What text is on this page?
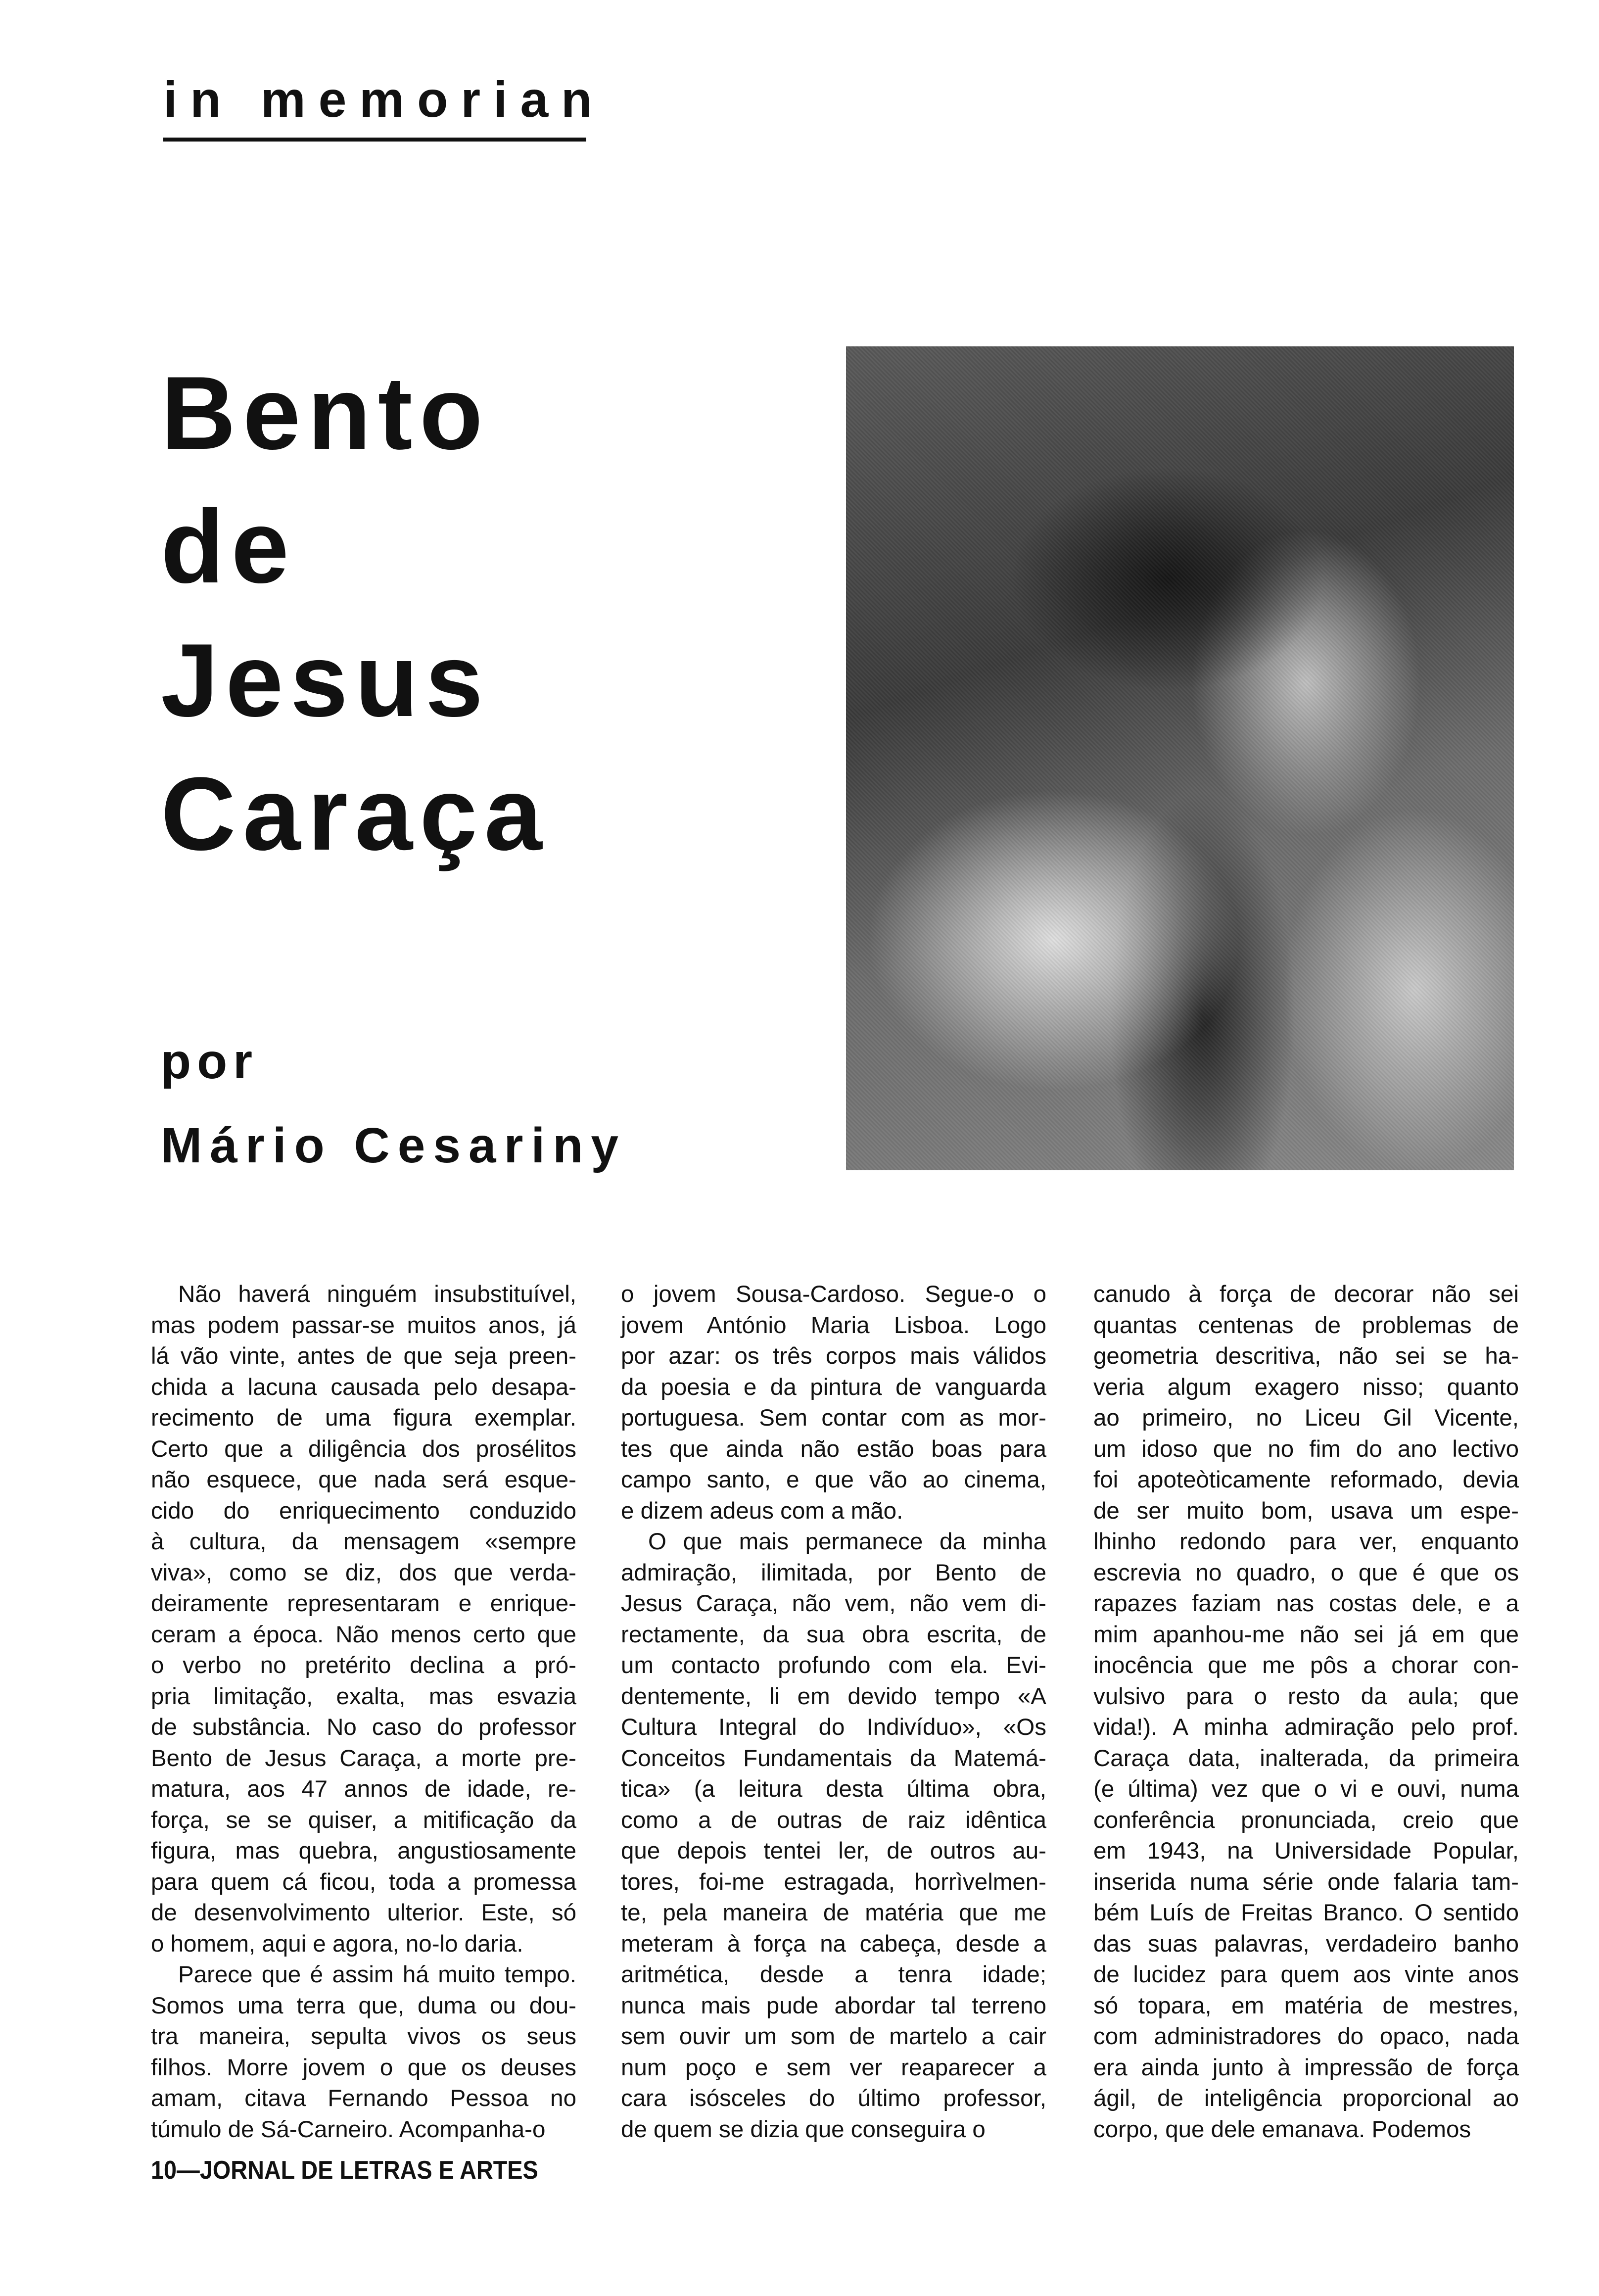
in memorian
Bento
de
Jesus
Caraça

por

Mário Cesariny

Não haverá ninguém insubstituível,
mas podem passar-se muitos anos, já
lá vão vinte, antes de que seja preen-
chida a lacuna causada pelo desapa-
recimento de uma figura exemplar.
Certo que a diligência dos prosélitos
não esquece, que nada será esque-
cido do enriquecimento conduzido
à cultura, da mensagem «sempre
viva», como se diz, dos que verda-
deiramente representaram e enrique-
ceram a época. Não menos certo que
o verbo no pretérito declina a pró-
pria limitação, exalta, mas esvazia
de substância. No caso do professor
Bento de Jesus Caraça, a morte pre-
matura, aos 47 annos de idade, re-
força, se se quiser, a mitificação da
figura, mas quebra, angustiosamente
para quem cá ficou, toda a promessa
de desenvolvimento ulterior. Este, só
o homem, aqui e agora, no-lo daria.
Parece que é assim há muito tempo.
Somos uma terra que, duma ou dou-
tra maneira, sepulta vivos os seus
filhos. Morre jovem o que os deuses
amam, citava Fernando Pessoa no
túmulo de Sá-Carneiro. Acompanha-o
o jovem Sousa-Cardoso. Segue-o o
jovem António Maria Lisboa. Logo
por azar: os três corpos mais válidos
da poesia e da pintura de vanguarda
portuguesa. Sem contar com as mor-
tes que ainda não estão boas para
campo santo, e que vão ao cinema,
e dizem adeus com a mão.
O que mais permanece da minha
admiração, ilimitada, por Bento de
Jesus Caraça, não vem, não vem di-
rectamente, da sua obra escrita, de
um contacto profundo com ela. Evi-
dentemente, li em devido tempo «A
Cultura Integral do Indivíduo», «Os
Conceitos Fundamentais da Matemá-
tica» (a leitura desta última obra,
como a de outras de raiz idêntica
que depois tentei ler, de outros au-
tores, foi-me estragada, horrìvelmen-
te, pela maneira de matéria que me
meteram à força na cabeça, desde a
aritmética, desde a tenra idade;
nunca mais pude abordar tal terreno
sem ouvir um som de martelo a cair
num poço e sem ver reaparecer a
cara isósceles do último professor,
de quem se dizia que conseguira o
canudo à força de decorar não sei
quantas centenas de problemas de
geometria descritiva, não sei se ha-
veria algum exagero nisso; quanto
ao primeiro, no Liceu Gil Vicente,
um idoso que no fim do ano lectivo
foi apoteòticamente reformado, devia
de ser muito bom, usava um espe-
lhinho redondo para ver, enquanto
escrevia no quadro, o que é que os
rapazes faziam nas costas dele, e a
mim apanhou-me não sei já em que
inocência que me pôs a chorar con-
vulsivo para o resto da aula; que
vida!). A minha admiração pelo prof.
Caraça data, inalterada, da primeira
(e última) vez que o vi e ouvi, numa
conferência pronunciada, creio que
em 1943, na Universidade Popular,
inserida numa série onde falaria tam-
bém Luís de Freitas Branco. O sentido
das suas palavras, verdadeiro banho
de lucidez para quem aos vinte anos
só topara, em matéria de mestres,
com administradores do opaco, nada
era ainda junto à impressão de força
ágil, de inteligência proporcional ao
corpo, que dele emanava. Podemos

10—JORNAL DE LETRAS E ARTES
